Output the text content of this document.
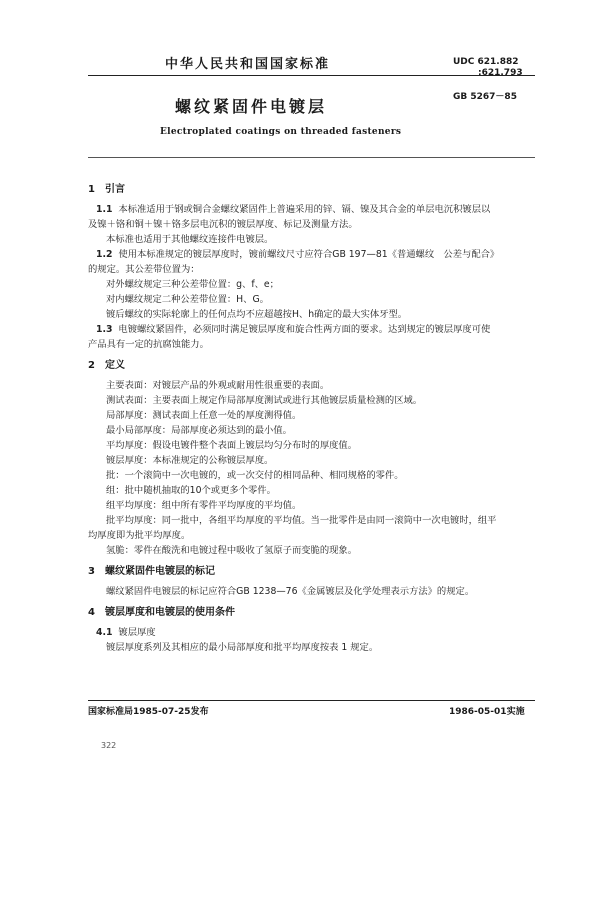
中华人民共和国国家标准	UDC 621.882
:621.793
GB 5267－85
螺纹紧固件电镀层
Electroplated coatings on threaded fasteners
1 引言
1.1 本标准适用于钢或铜合金螺纹紧固件上普遍采用的锌、镉、镍及其合金的单层电沉积镀层以
及镍＋铬和铜＋镍＋铬多层电沉积的镀层厚度、标记及测量方法。
本标准也适用于其他螺纹连接件电镀层。
1.2 使用本标准规定的镀层厚度时，镀前螺纹尺寸应符合GB 197—81《普通螺纹　公差与配合》
的规定。其公差带位置为：
对外螺纹规定三种公差带位置：g、f、e；
对内螺纹规定二种公差带位置：H、G。
镀后螺纹的实际轮廓上的任何点均不应超越按H、h确定的最大实体牙型。
1.3 电镀螺纹紧固件，必须同时满足镀层厚度和旋合性两方面的要求。达到规定的镀层厚度可使
产品具有一定的抗腐蚀能力。
2 定义
主要表面：对镀层产品的外观或耐用性很重要的表面。
测试表面：主要表面上规定作局部厚度测试或进行其他镀层质量检测的区域。
局部厚度：测试表面上任意一处的厚度测得值。
最小局部厚度：局部厚度必须达到的最小值。
平均厚度：假设电镀件整个表面上镀层均匀分布时的厚度值。
镀层厚度：本标准规定的公称镀层厚度。
批：一个滚筒中一次电镀的，或一次交付的相同品种、相同规格的零件。
组：批中随机抽取的10个或更多个零件。
组平均厚度：组中所有零件平均厚度的平均值。
批平均厚度：同一批中，各组平均厚度的平均值。当一批零件是由同一滚筒中一次电镀时，组平
均厚度即为批平均厚度。
氢脆：零件在酸洗和电镀过程中吸收了氢原子而变脆的现象。
3 螺纹紧固件电镀层的标记
螺纹紧固件电镀层的标记应符合GB 1238—76《金属镀层及化学处理表示方法》的规定。
4 镀层厚度和电镀层的使用条件
4.1 镀层厚度
镀层厚度系列及其相应的最小局部厚度和批平均厚度按表 1 规定。
国家标准局1985-07-25发布	1986-05-01实施
322
